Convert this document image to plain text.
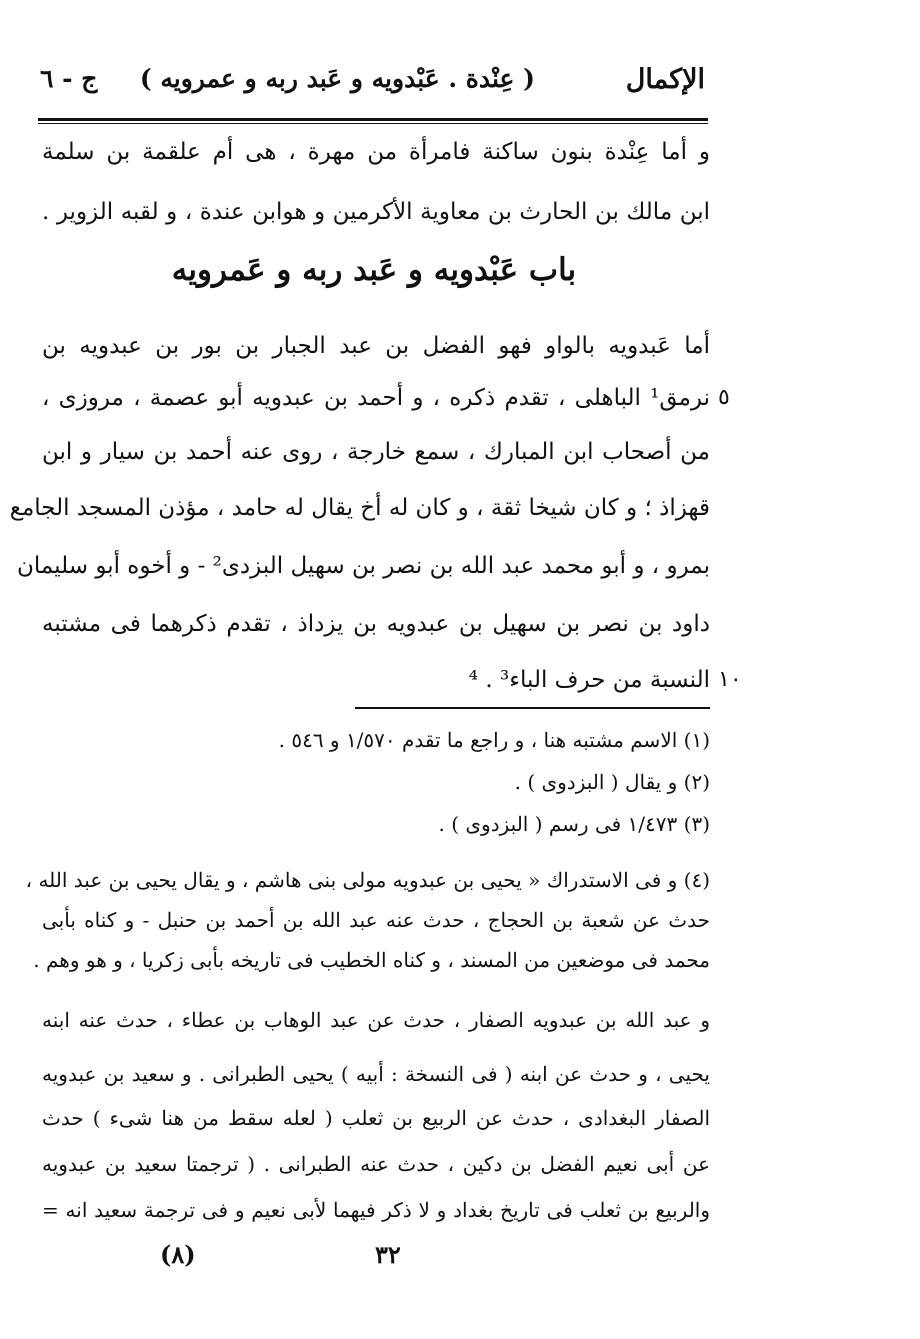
الإكمال
( عِنْدة . عَبْدويه و عَبد ربه و عمرويه )
ج - ٦
و أما عِنْدة بنون ساكنة فامرأة من مهرة ، هى أم علقمة بن سلمة
ابن مالك بن الحارث بن معاوية الأكرمين و هوابن عندة ، و لقبه الزوير .
باب عَبْدويه و عَبد ربه و عَمرويه
أما عَبدويه بالواو فهو الفضل بن عبد الجبار بن بور بن عبدويه بن
نرمق¹ الباهلى ، تقدم ذكره ، و أحمد بن عبدويه أبو عصمة ، مروزى ،
من أصحاب ابن المبارك ، سمع خارجة ، روى عنه أحمد بن سيار و ابن
قهزاذ ؛ و كان شيخا ثقة ، و كان له أخ يقال له حامد ، مؤذن المسجد الجامع
بمرو ، و أبو محمد عبد الله بن نصر بن سهيل البزدى² - و أخوه أبو سليمان
داود بن نصر بن سهيل بن عبدويه بن يزداذ ، تقدم ذكرهما فى مشتبه
النسبة من حرف الباء³ . ⁴
٥
١٠
(١) الاسم مشتبه هنا ، و راجع ما تقدم ١/٥٧٠ و ٥٤٦ .
(٢) و يقال ( البزدوى ) .
(٣) ١/٤٧٣ فى رسم ( البزدوى ) .
(٤) و فى الاستدراك « يحيى بن عبدويه مولى بنى هاشم ، و يقال يحيى بن عبد الله ،
حدث عن شعبة بن الحجاج ، حدث عنه عبد الله بن أحمد بن حنبل - و كناه بأبى
محمد فى موضعين من المسند ، و كناه الخطيب فى تاريخه بأبى زكريا ، و هو وهم .
و عبد الله بن عبدويه الصفار ، حدث عن عبد الوهاب بن عطاء ، حدث عنه ابنه
يحيى ، و حدث عن ابنه ( فى النسخة : أبيه ) يحيى الطبرانى . و سعيد بن عبدويه
الصفار البغدادى ، حدث عن الربيع بن ثعلب ( لعله سقط من هنا شىء ) حدث
عن أبى نعيم الفضل بن دكين ، حدث عنه الطبرانى . ( ترجمتا سعيد بن عبدويه
والربيع بن ثعلب فى تاريخ بغداد و لا ذكر فيهما لأبى نعيم و فى ترجمة سعيد انه =
(٨)	٣٢
